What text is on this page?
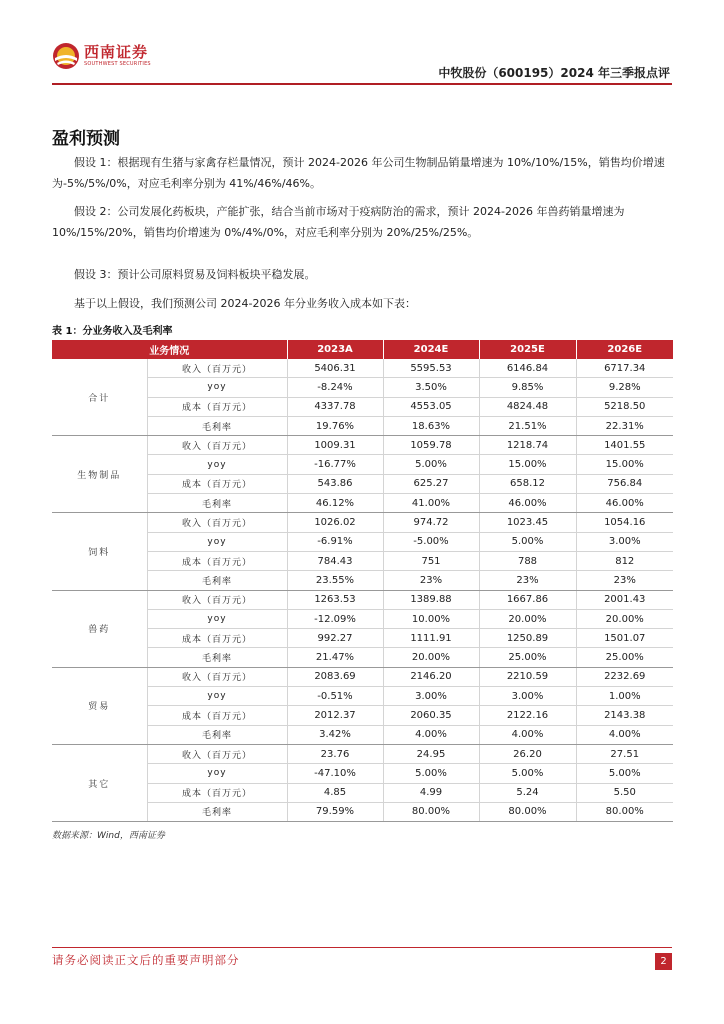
西南证券
SOUTHWEST SECURITIES
中牧股份（600195）2024 年三季报点评
盈利预测

假设 1：根据现有生猪与家禽存栏量情况，预计 2024-2026 年公司生物制品销量增速为 10%/10%/15%，销售均价增速为-5%/5%/0%，对应毛利率分别为 41%/46%/46%。

假设 2：公司发展化药板块，产能扩张，结合当前市场对于疫病防治的需求，预计 2024-2026 年兽药销量增速为 10%/15%/20%，销售均价增速为 0%/4%/0%，对应毛利率分别为 20%/25%/25%。

假设 3：预计公司原料贸易及饲料板块平稳发展。

基于以上假设，我们预测公司 2024-2026 年分业务收入成本如下表：

表 1：分业务收入及毛利率
业务情况		2023A	2024E	2025E	2026E
合计	收入（百万元）	5406.31	5595.53	6146.84	6717.34
	yoy	-8.24%	3.50%	9.85%	9.28%
	成本（百万元）	4337.78	4553.05	4824.48	5218.50
	毛利率	19.76%	18.63%	21.51%	22.31%
生物制品	收入（百万元）	1009.31	1059.78	1218.74	1401.55
	yoy	-16.77%	5.00%	15.00%	15.00%
	成本（百万元）	543.86	625.27	658.12	756.84
	毛利率	46.12%	41.00%	46.00%	46.00%
饲料	收入（百万元）	1026.02	974.72	1023.45	1054.16
	yoy	-6.91%	-5.00%	5.00%	3.00%
	成本（百万元）	784.43	751	788	812
	毛利率	23.55%	23%	23%	23%
兽药	收入（百万元）	1263.53	1389.88	1667.86	2001.43
	yoy	-12.09%	10.00%	20.00%	20.00%
	成本（百万元）	992.27	1111.91	1250.89	1501.07
	毛利率	21.47%	20.00%	25.00%	25.00%
贸易	收入（百万元）	2083.69	2146.20	2210.59	2232.69
	yoy	-0.51%	3.00%	3.00%	1.00%
	成本（百万元）	2012.37	2060.35	2122.16	2143.38
	毛利率	3.42%	4.00%	4.00%	4.00%
其它	收入（百万元）	23.76	24.95	26.20	27.51
	yoy	-47.10%	5.00%	5.00%	5.00%
	成本（百万元）	4.85	4.99	5.24	5.50
	毛利率	79.59%	80.00%	80.00%	80.00%
数据来源：Wind，西南证券
请务必阅读正文后的重要声明部分	2
